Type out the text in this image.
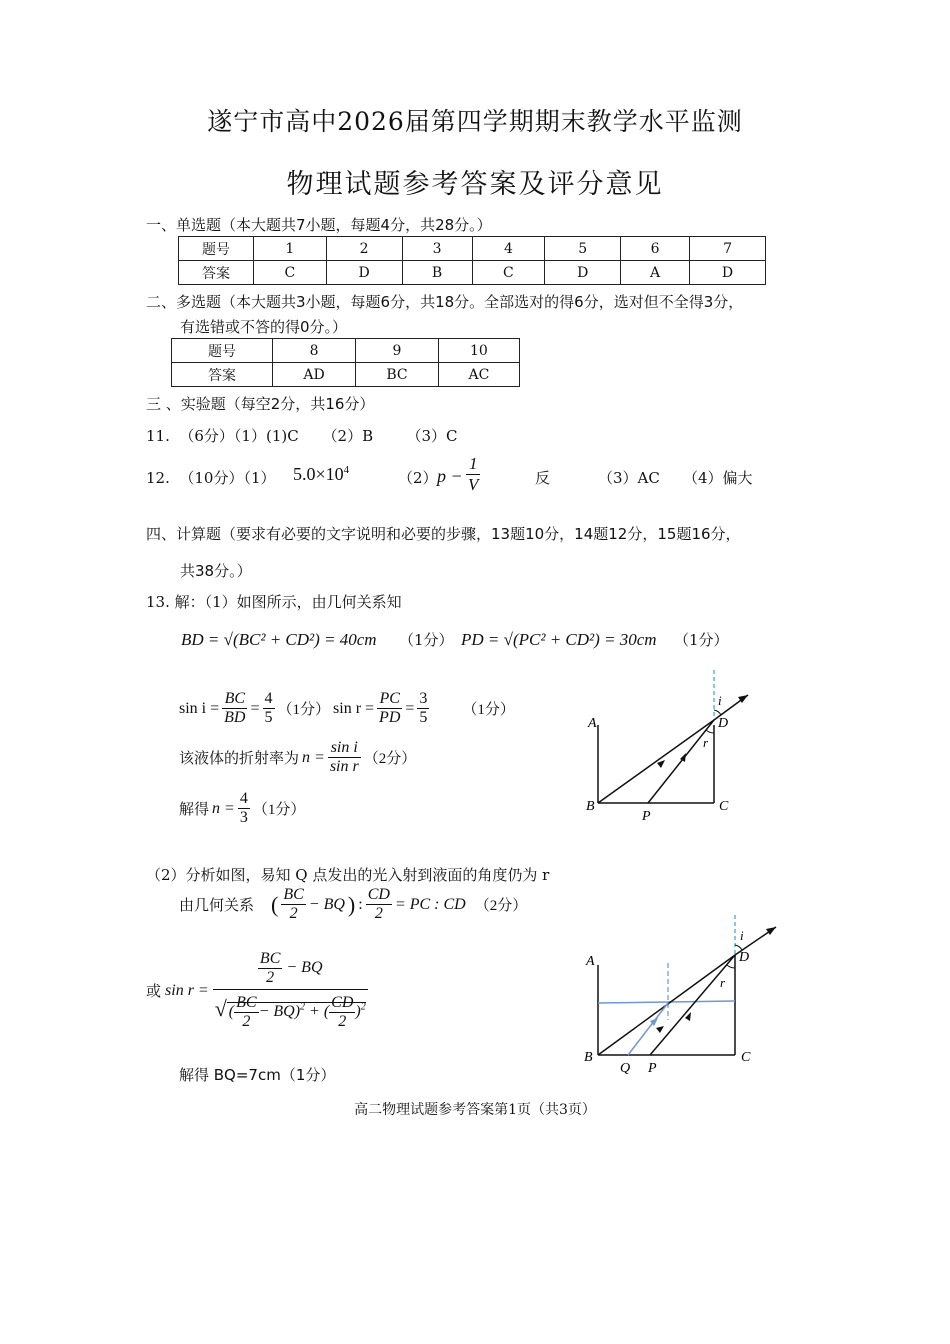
遂宁市高中2026届第四学期期末教学水平监测
物理试题参考答案及评分意见
一、单选题（本大题共7小题，每题4分，共28分。）
题号	1	2	3	4	5	6	7
答案	C	D	B	C	D	A	D
二、多选题（本大题共3小题，每题6分，共18分。全部选对的得6分，选对但不全得3分，
有选错或不答的得0分。）
题号	8	9	10
答案	AD	BC	AC
三 、实验题（每空2分，共16分）
11.  （6分）（1）(1)C     （2）B       （3）C
12.  （10分）（1） $5.0\times 10^4$	（2） $p - \frac{1}{V}$	反	（3）AC （4）偏大
四、计算题（要求有必要的文字说明和必要的步骤，13题10分，14题12分，15题16分，
共38分。）
13. 解：（1）如图所示，由几何关系知
BD = √(BC² + CD²) = 40cm （1分） PD = √(PC² + CD²) = 30cm （1分）
$\sin i = \frac{BC}{BD} = \frac{4}{5} (1$分） $\sin r = \frac{PC}{PD} = \frac{3}{5} (1$分）
该液体的折射率为 $n = \frac{\text{sin i}}{\text{sin r}} (2$分）
解得 $n = \frac{4}{3} (1$分）
A	D
i
r
B
P
C
（2）分析如图，易知 Q 点发出的光入射到液面的角度仍为 r
由几何关系 ( $\frac{BC}{2}$ − BQ ) : $\frac{CD}{2}$ = PC : CD （2分）
或 $\sin r = \frac{\frac{BC}{2} - BQ}{√ ( \frac{BC}{2} - BQ)^2 + ( \frac{CD}{2} )^2}$
解得 BQ=7cm（1分）
A	D
i
r
B
Q P
C
高二物理试题参考答案第1页（共3页）
